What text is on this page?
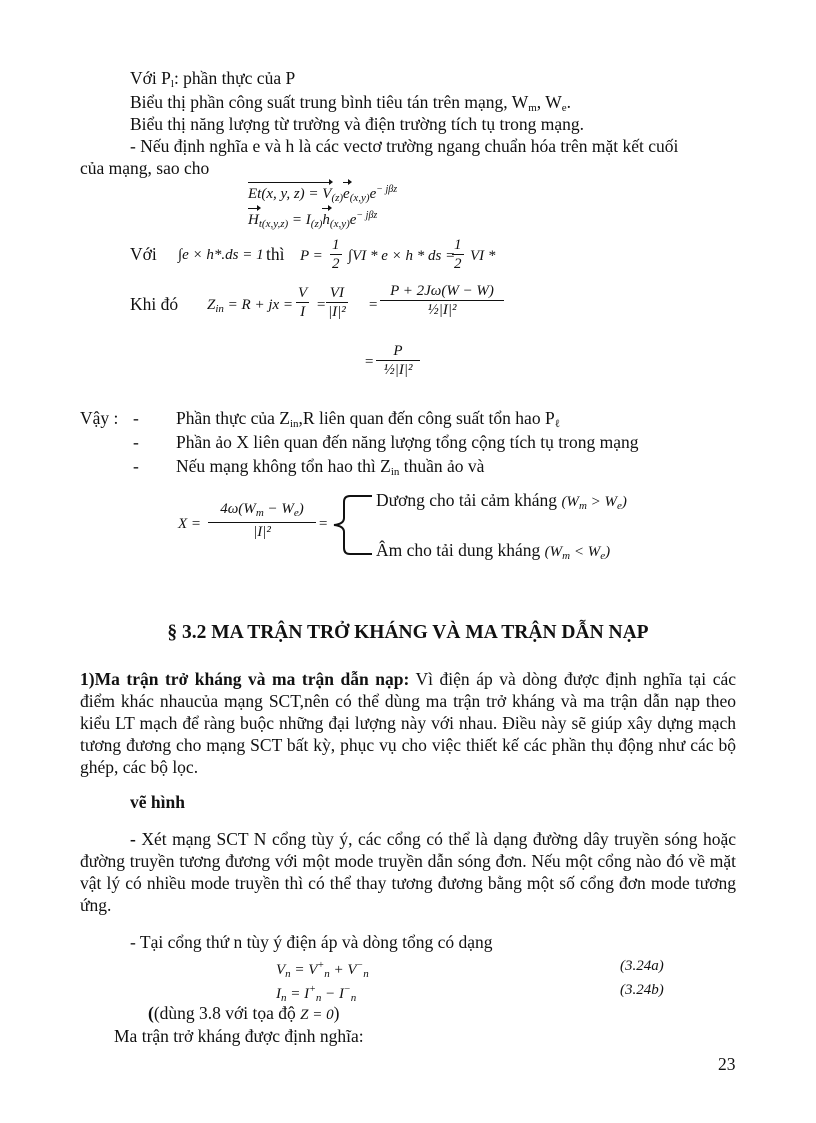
Với $P_l$: phần thực của P
Biểu thị phần công suất trung bình tiêu tán trên mạng, $W_m$, $W_e$.
Biểu thị năng lượng từ trường và điện trường tích tụ trong mạng.
- Nếu định nghĩa e và h là các vectơ trường ngang chuẩn hóa trên mặt kết cuối
của mạng, sao cho
Et(x, y, $z) = V_{(z)}e_{(x,y)}e^{- j\beta z}$
$H_{t(x,y,z)} = I_{(z)}h_{(x,y)}e^{- j\beta z}$
Với ∫e × h*.ds = 1 thì $P = \frac{1}{2} \int VI * e \times h$ * ds =
$\frac{1}{2}$ VI *
Khi đó $Z_{in} = R$ + jx = $\frac{V}{I} = \frac{VI}{\text{|I|²}} = \frac{P + 2J\omega(W - W)}{\text{½|I|²}}$
= $\frac{P}{\text{½|I|²}}$
Vậy : - Phần thực của $Z_{in},R$ liên quan đến công suất tổn hao $P_\ell$
- Phần ảo X liên quan đến năng lượng tổng cộng tích tụ trong mạng
- Nếu mạng không tổn hao thì $Z_{in}$ thuần ảo và
$X = \frac{4\omega(W_m - W_e)}{\text{|I|²}}$ =
Dương cho tải cảm kháng $(W_m > W_e)$
Âm cho tải dung kháng $(W_m < W_e)$
§ 3.2 MA TRẬN TRỞ KHÁNG VÀ MA TRẬN DẪN NẠP
1)Ma trận trở kháng và ma trận dẫn nạp: Vì điện áp và dòng được định nghĩa tại các điểm khác nhaucủa mạng SCT,nên có thể dùng ma trận trở kháng và ma trận dẫn nạp theo kiểu LT mạch để ràng buộc những đại lượng này với nhau. Điều này sẽ giúp xây dựng mạch tương đương cho mạng SCT bất kỳ, phục vụ cho việc thiết kế các phần thụ động như các bộ ghép, các bộ lọc.
vẽ hình
- Xét mạng SCT N cổng tùy ý, các cổng có thể là dạng đường dây truyền sóng hoặc đường truyền tương đương với một mode truyền dẫn sóng đơn. Nếu một cổng nào đó về mặt vật lý có nhiều mode truyền thì có thể thay tương đương bằng một số cổng đơn mode tương ứng.
- Tại cổng thứ n tùy ý điện áp và dòng tổng có dạng
$V_n = V^+_n + V^-_n$	(3.24a)
$I_n = I^+_n - I^-_n$	(3.24b)
((dùng 3.8 với tọa độ Z = 0)
Ma trận trở kháng được định nghĩa:
23
